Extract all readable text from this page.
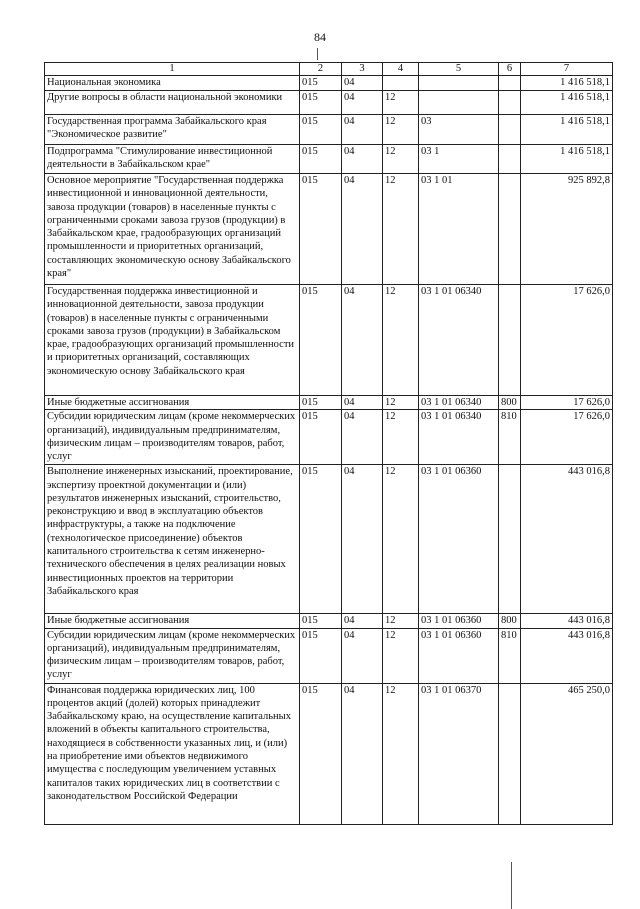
84
1	2	3	4	5	6	7
Национальная экономика	015	04				1 416 518,1
Другие вопросы в области национальной экономики	015	04	12			1 416 518,1
Государственная программа Забайкальского края "Экономическое развитие"	015	04	12	03		1 416 518,1
Подпрограмма "Стимулирование инвестиционной деятельности в Забайкальском крае"	015	04	12	03 1		1 416 518,1
Основное мероприятие "Государственная поддержка инвестиционной и инновационной деятельности, завоза продукции (товаров) в населенные пункты с ограниченными сроками завоза грузов (продукции) в Забайкальском крае, градообразующих организаций промышленности и приоритетных организаций, составляющих экономическую основу Забайкальского края"	015	04	12	03 1 01		925 892,8
Государственная поддержка инвестиционной и инновационной деятельности, завоза продукции (товаров) в населенные пункты с ограниченными сроками завоза грузов (продукции) в Забайкальском крае, градообразующих организаций промышленности и приоритетных организаций, составляющих экономическую основу Забайкальского края	015	04	12	03 1 01 06340		17 626,0
Иные бюджетные ассигнования	015	04	12	03 1 01 06340	800	17 626,0
Субсидии юридическим лицам (кроме некоммерческих организаций), индивидуальным предпринимателям, физическим лицам – производителям товаров, работ, услуг	015	04	12	03 1 01 06340	810	17 626,0
Выполнение инженерных изысканий, проектирование, экспертизу проектной документации и (или) результатов инженерных изысканий, строительство, реконструкцию и ввод в эксплуатацию объектов инфраструктуры, а также на подключение (технологическое присоединение) объектов капитального строительства к сетям инженерно-технического обеспечения в целях реализации новых инвестиционных проектов на территории Забайкальского края	015	04	12	03 1 01 06360		443 016,8
Иные бюджетные ассигнования	015	04	12	03 1 01 06360	800	443 016,8
Субсидии юридическим лицам (кроме некоммерческих организаций), индивидуальным предпринимателям, физическим лицам – производителям товаров, работ, услуг	015	04	12	03 1 01 06360	810	443 016,8
Финансовая поддержка юридических лиц, 100 процентов акций (долей) которых принадлежит Забайкальскому краю, на осуществление капитальных вложений в объекты капитального строительства, находящиеся в собственности указанных лиц, и (или) на приобретение ими объектов недвижимого имущества с последующим увеличением уставных капиталов таких юридических лиц в соответствии с законодательством Российской Федерации	015	04	12	03 1 01 06370		465 250,0
